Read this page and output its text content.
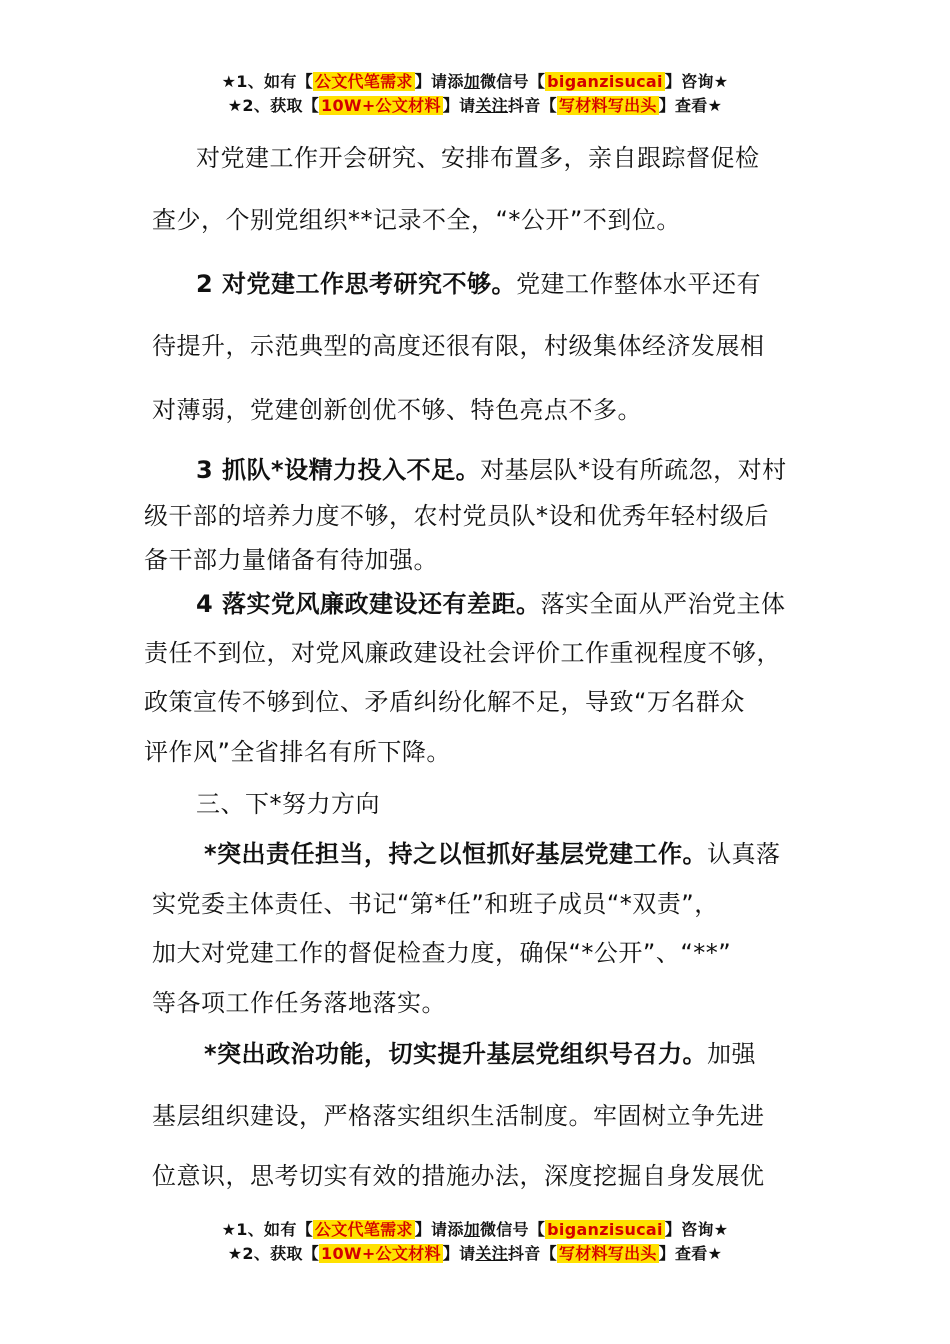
★1、如有【 公文代笔需求 】请添加微信号【 biganzisucai 】咨询★
★2、获取【 10W+公文材料 】请关注抖音【 写材料写出头 】查看★
对党建工作开会研究、安排布置多，亲自跟踪督促检
查少，个别党组织**记录不全，“*公开”不到位。
2 对党建工作思考研究不够。党建工作整体水平还有
待提升，示范典型的高度还很有限，村级集体经济发展相
对薄弱，党建创新创优不够、特色亮点不多。
3 抓队*设精力投入不足。对基层队*设有所疏忽，对村
级干部的培养力度不够，农村党员队*设和优秀年轻村级后
备干部力量储备有待加强。
4 落实党风廉政建设还有差距。落实全面从严治党主体
责任不到位，对党风廉政建设社会评价工作重视程度不够，
政策宣传不够到位、矛盾纠纷化解不足，导致“万名群众
评作风”全省排名有所下降。
三、下*努力方向
*突出责任担当，持之以恒抓好基层党建工作。认真落
实党委主体责任、书记“第*任”和班子成员“*双责”，
加大对党建工作的督促检查力度，确保“*公开”、“**”
等各项工作任务落地落实。
*突出政治功能，切实提升基层党组织号召力。加强
基层组织建设，严格落实组织生活制度。牢固树立争先进
位意识，思考切实有效的措施办法，深度挖掘自身发展优
★1、如有【 公文代笔需求 】请添加微信号【 biganzisucai 】咨询★
★2、获取【 10W+公文材料 】请关注抖音【 写材料写出头 】查看★
